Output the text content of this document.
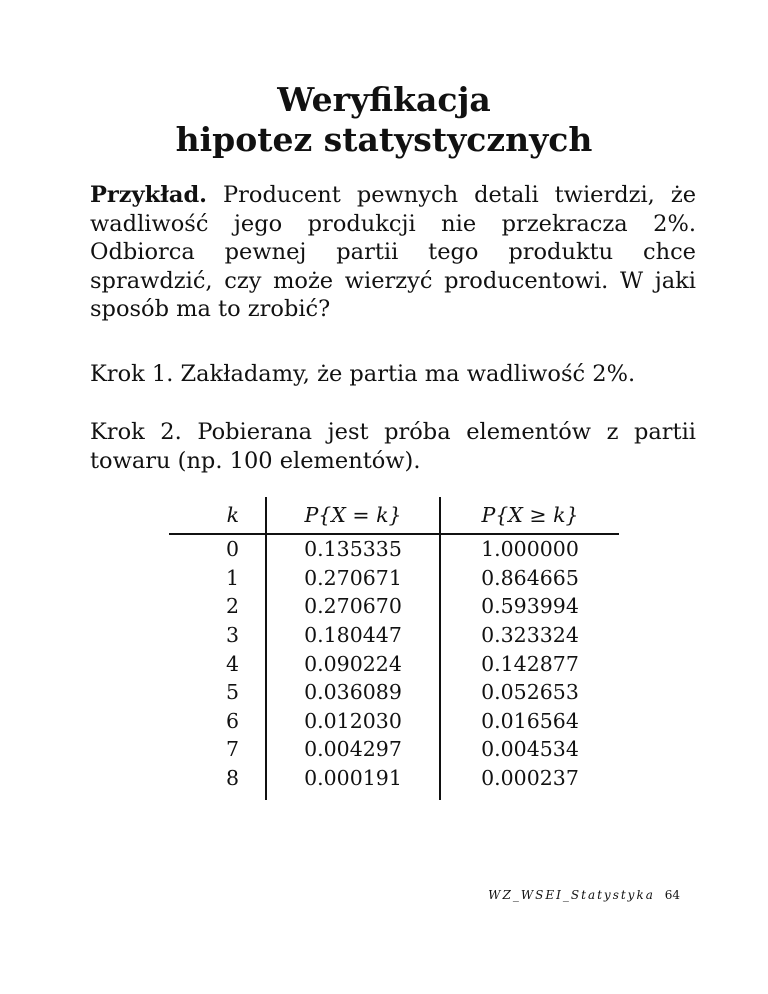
Weryfikacja
hipotez statystycznych
Przykład. Producent pewnych detali twierdzi, że wadliwość jego produkcji nie przekracza 2%. Odbiorca pewnej partii tego produktu chce sprawdzić, czy może wierzyć producentowi. W jaki sposób ma to zrobić?
Krok 1. Zakładamy, że partia ma wadliwość 2%.
Krok 2. Pobierana jest próba elementów z partii towaru (np. 100 elementów).
k	P{X = k}	P{X ≥ k}
0	0.135335	1.000000
1	0.270671	0.864665
2	0.270670	0.593994
3	0.180447	0.323324
4	0.090224	0.142877
5	0.036089	0.052653
6	0.012030	0.016564
7	0.004297	0.004534
8	0.000191	0.000237
WZ_WSEI_Statystyka 64
